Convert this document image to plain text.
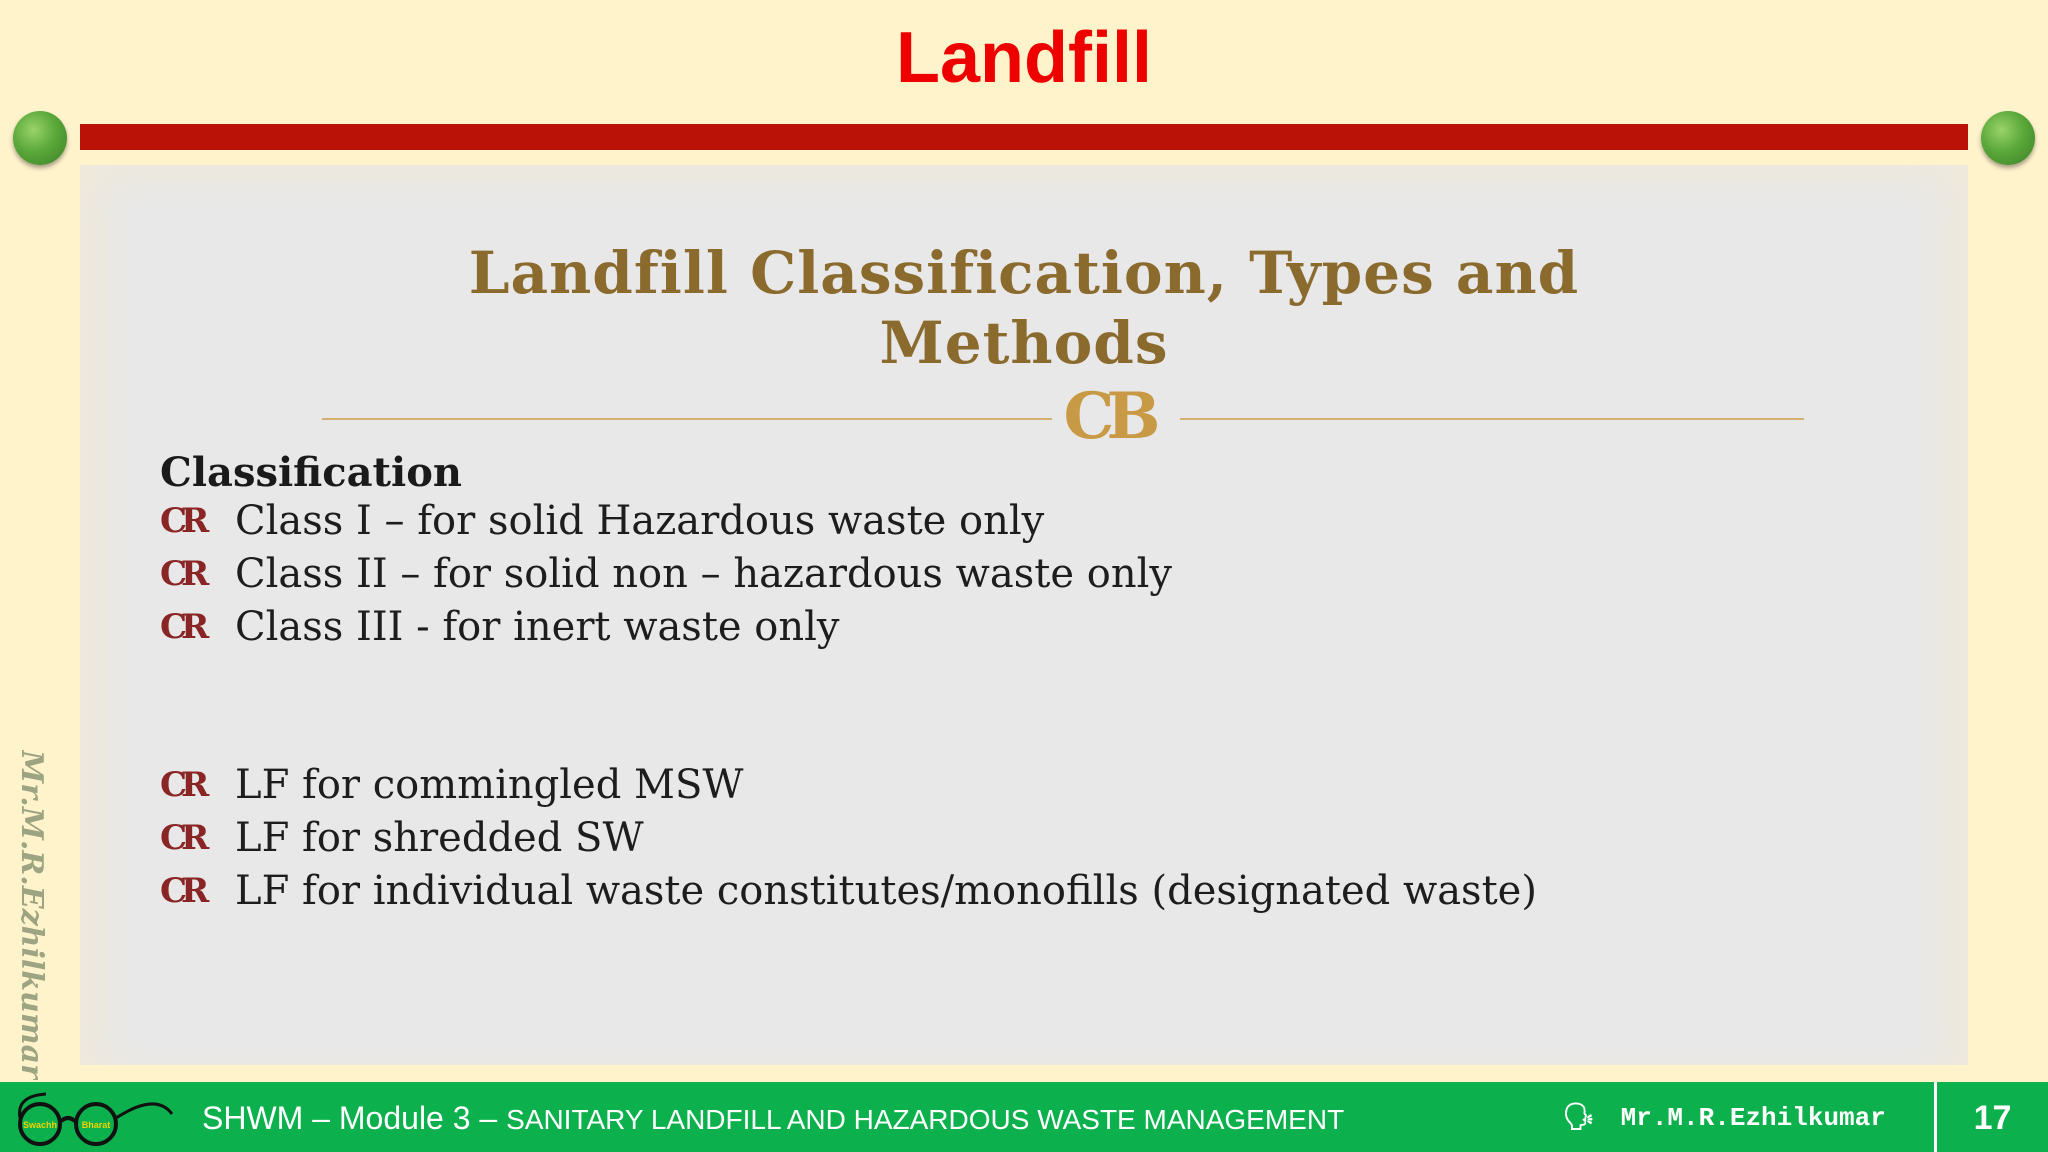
Landfill
Landfill Classification, Types and Methods
CB
Classification
CR Class I – for solid Hazardous waste only
CR Class II – for solid non – hazardous waste only
CR Class III - for inert waste only
CR LF for commingled MSW
CR LF for shredded SW
CR LF for individual waste constitutes/monofills (designated waste)
Mr.M.R.Ezhilkumar
Swachh	Bharat	SHWM – Module 3 – SANITARY LANDFILL AND HAZARDOUS WASTE MANAGEMENT	🗣 Mr.M.R.Ezhilkumar	17
